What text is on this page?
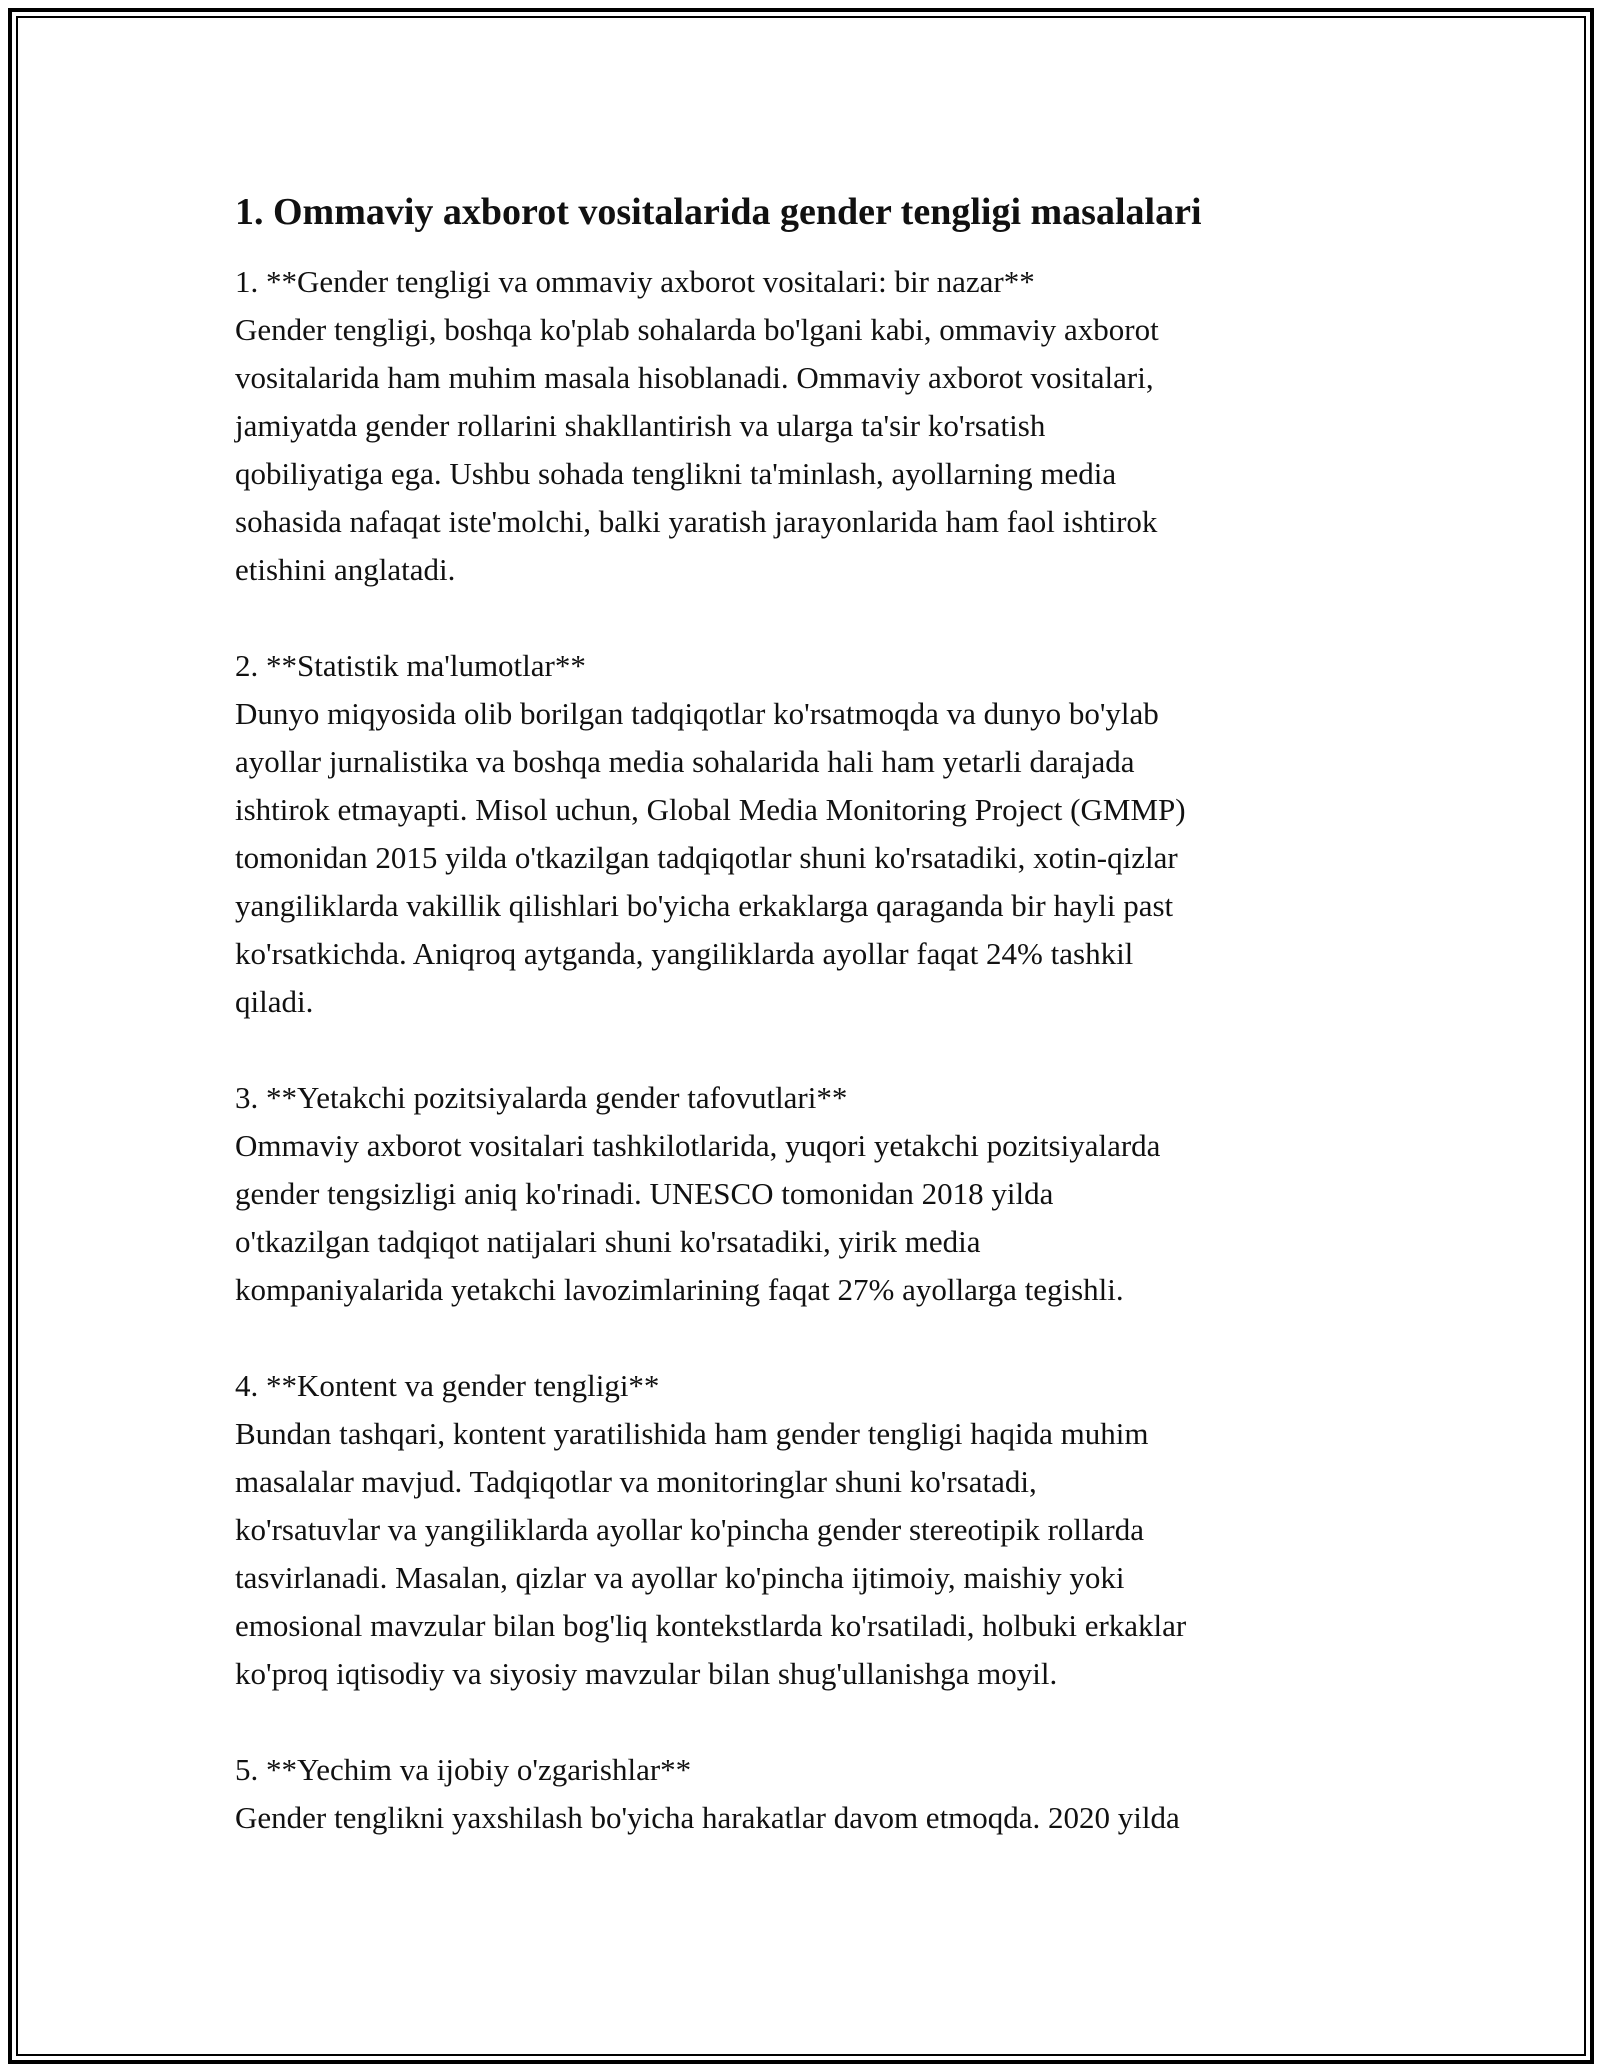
1. Ommaviy axborot vositalarida gender tengligi masalalari

1. **Gender tengligi va ommaviy axborot vositalari: bir nazar**

Gender tengligi, boshqa ko'plab sohalarda bo'lgani kabi, ommaviy axborot

vositalarida ham muhim masala hisoblanadi. Ommaviy axborot vositalari,

jamiyatda gender rollarini shakllantirish va ularga ta'sir ko'rsatish

qobiliyatiga ega. Ushbu sohada tenglikni ta'minlash, ayollarning media

sohasida nafaqat iste'molchi, balki yaratish jarayonlarida ham faol ishtirok

etishini anglatadi.

2. **Statistik ma'lumotlar**

Dunyo miqyosida olib borilgan tadqiqotlar ko'rsatmoqda va dunyo bo'ylab

ayollar jurnalistika va boshqa media sohalarida hali ham yetarli darajada

ishtirok etmayapti. Misol uchun, Global Media Monitoring Project (GMMP)

tomonidan 2015 yilda o'tkazilgan tadqiqotlar shuni ko'rsatadiki, xotin-qizlar

yangiliklarda vakillik qilishlari bo'yicha erkaklarga qaraganda bir hayli past

ko'rsatkichda. Aniqroq aytganda, yangiliklarda ayollar faqat 24% tashkil

qiladi.

3. **Yetakchi pozitsiyalarda gender tafovutlari**

Ommaviy axborot vositalari tashkilotlarida, yuqori yetakchi pozitsiyalarda

gender tengsizligi aniq ko'rinadi. UNESCO tomonidan 2018 yilda

o'tkazilgan tadqiqot natijalari shuni ko'rsatadiki, yirik media

kompaniyalarida yetakchi lavozimlarining faqat 27% ayollarga tegishli.

4. **Kontent va gender tengligi**

Bundan tashqari, kontent yaratilishida ham gender tengligi haqida muhim

masalalar mavjud. Tadqiqotlar va monitoringlar shuni ko'rsatadi,

ko'rsatuvlar va yangiliklarda ayollar ko'pincha gender stereotipik rollarda

tasvirlanadi. Masalan, qizlar va ayollar ko'pincha ijtimoiy, maishiy yoki

emosional mavzular bilan bog'liq kontekstlarda ko'rsatiladi, holbuki erkaklar

ko'proq iqtisodiy va siyosiy mavzular bilan shug'ullanishga moyil.

5. **Yechim va ijobiy o'zgarishlar**

Gender tenglikni yaxshilash bo'yicha harakatlar davom etmoqda. 2020 yilda
